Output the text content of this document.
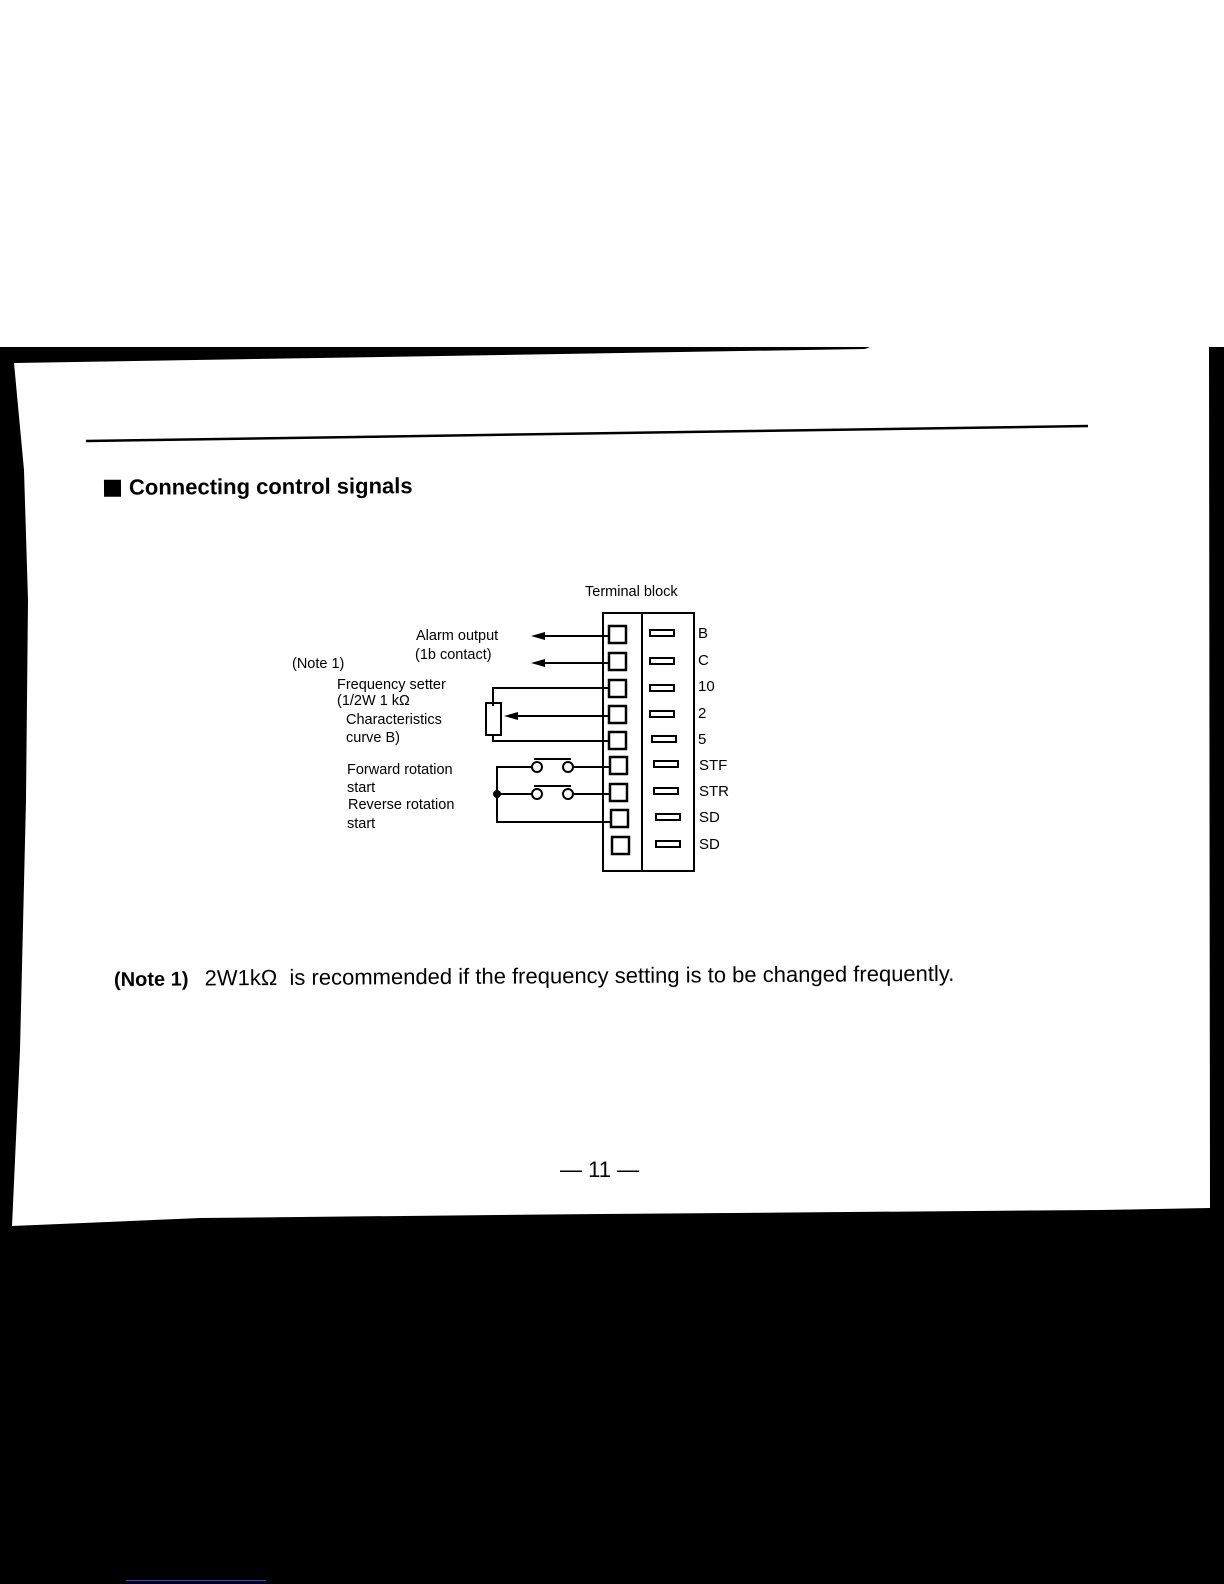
Connecting control signals
Terminal block
Alarm output
(1b contact)
(Note 1)
Frequency setter
(1/2W 1 kΩ
Characteristics
curve B)
Forward rotation
start
Reverse rotation
start
B
C
10
2
5
STF
STR
SD
SD
(Note 1) 2W1kΩ  is recommended if the frequency setting is to be changed frequently.
— 11 —
